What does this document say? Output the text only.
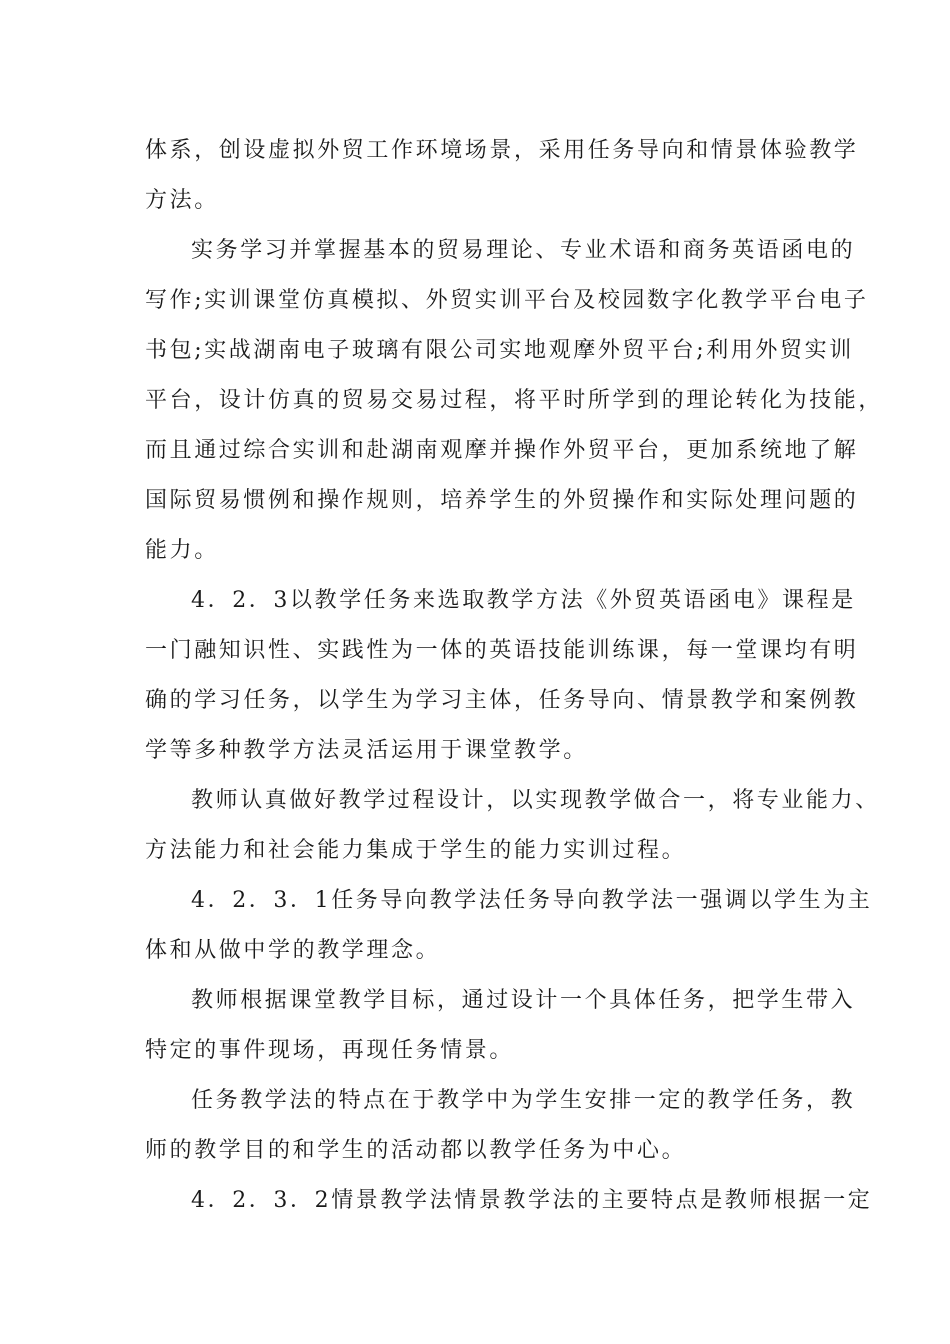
体系，创设虚拟外贸工作环境场景，采用任务导向和情景体验教学
方法。
实务学习并掌握基本的贸易理论、专业术语和商务英语函电的
写作;实训课堂仿真模拟、外贸实训平台及校园数字化教学平台电子
书包;实战湖南电子玻璃有限公司实地观摩外贸平台;利用外贸实训
平台，设计仿真的贸易交易过程，将平时所学到的理论转化为技能，
而且通过综合实训和赴湖南观摩并操作外贸平台，更加系统地了解
国际贸易惯例和操作规则，培养学生的外贸操作和实际处理问题的
能力。
4．2．3以教学任务来选取教学方法《外贸英语函电》课程是
一门融知识性、实践性为一体的英语技能训练课，每一堂课均有明
确的学习任务，以学生为学习主体，任务导向、情景教学和案例教
学等多种教学方法灵活运用于课堂教学。
教师认真做好教学过程设计，以实现教学做合一，将专业能力、
方法能力和社会能力集成于学生的能力实训过程。
4．2．3．1任务导向教学法任务导向教学法一强调以学生为主
体和从做中学的教学理念。
教师根据课堂教学目标，通过设计一个具体任务，把学生带入
特定的事件现场，再现任务情景。
任务教学法的特点在于教学中为学生安排一定的教学任务，教
师的教学目的和学生的活动都以教学任务为中心。
4．2．3．2情景教学法情景教学法的主要特点是教师根据一定
